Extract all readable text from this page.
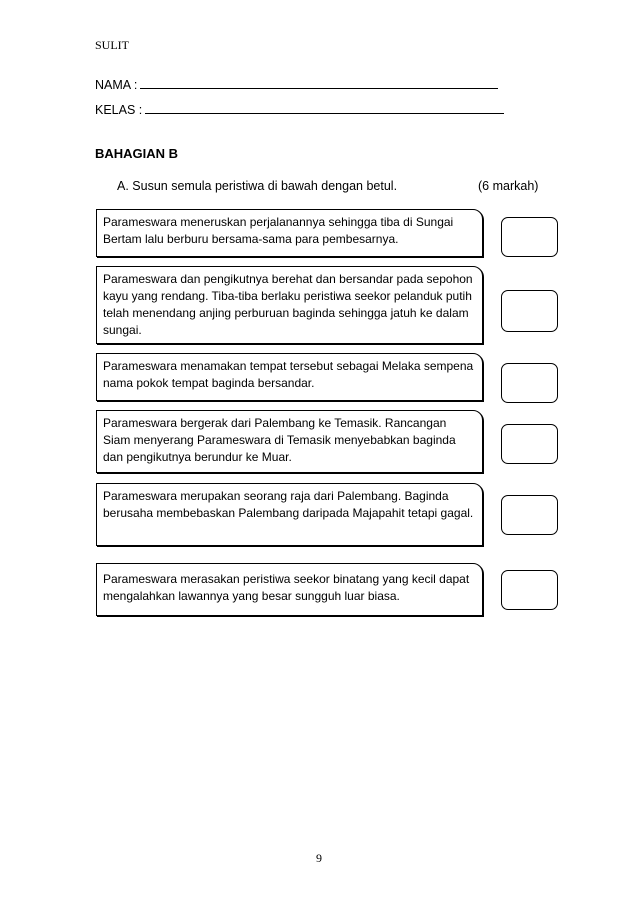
SULIT
NAMA :
KELAS :
BAHAGIAN B
A. Susun semula peristiwa di bawah dengan betul.	(6 markah)
Parameswara meneruskan perjalanannya sehingga tiba di Sungai Bertam lalu berburu bersama-sama para pembesarnya.
Parameswara dan pengikutnya berehat dan bersandar pada sepohon kayu yang rendang. Tiba-tiba berlaku peristiwa seekor pelanduk putih telah menendang anjing perburuan baginda sehingga jatuh ke dalam sungai.
Parameswara menamakan tempat tersebut sebagai Melaka sempena nama pokok tempat baginda bersandar.
Parameswara bergerak dari Palembang ke Temasik. Rancangan Siam menyerang Parameswara di Temasik menyebabkan baginda dan pengikutnya berundur ke Muar.
Parameswara merupakan seorang raja dari Palembang. Baginda berusaha membebaskan Palembang daripada Majapahit tetapi gagal.
Parameswara merasakan peristiwa seekor binatang yang kecil dapat mengalahkan lawannya yang besar sungguh luar biasa.
9
